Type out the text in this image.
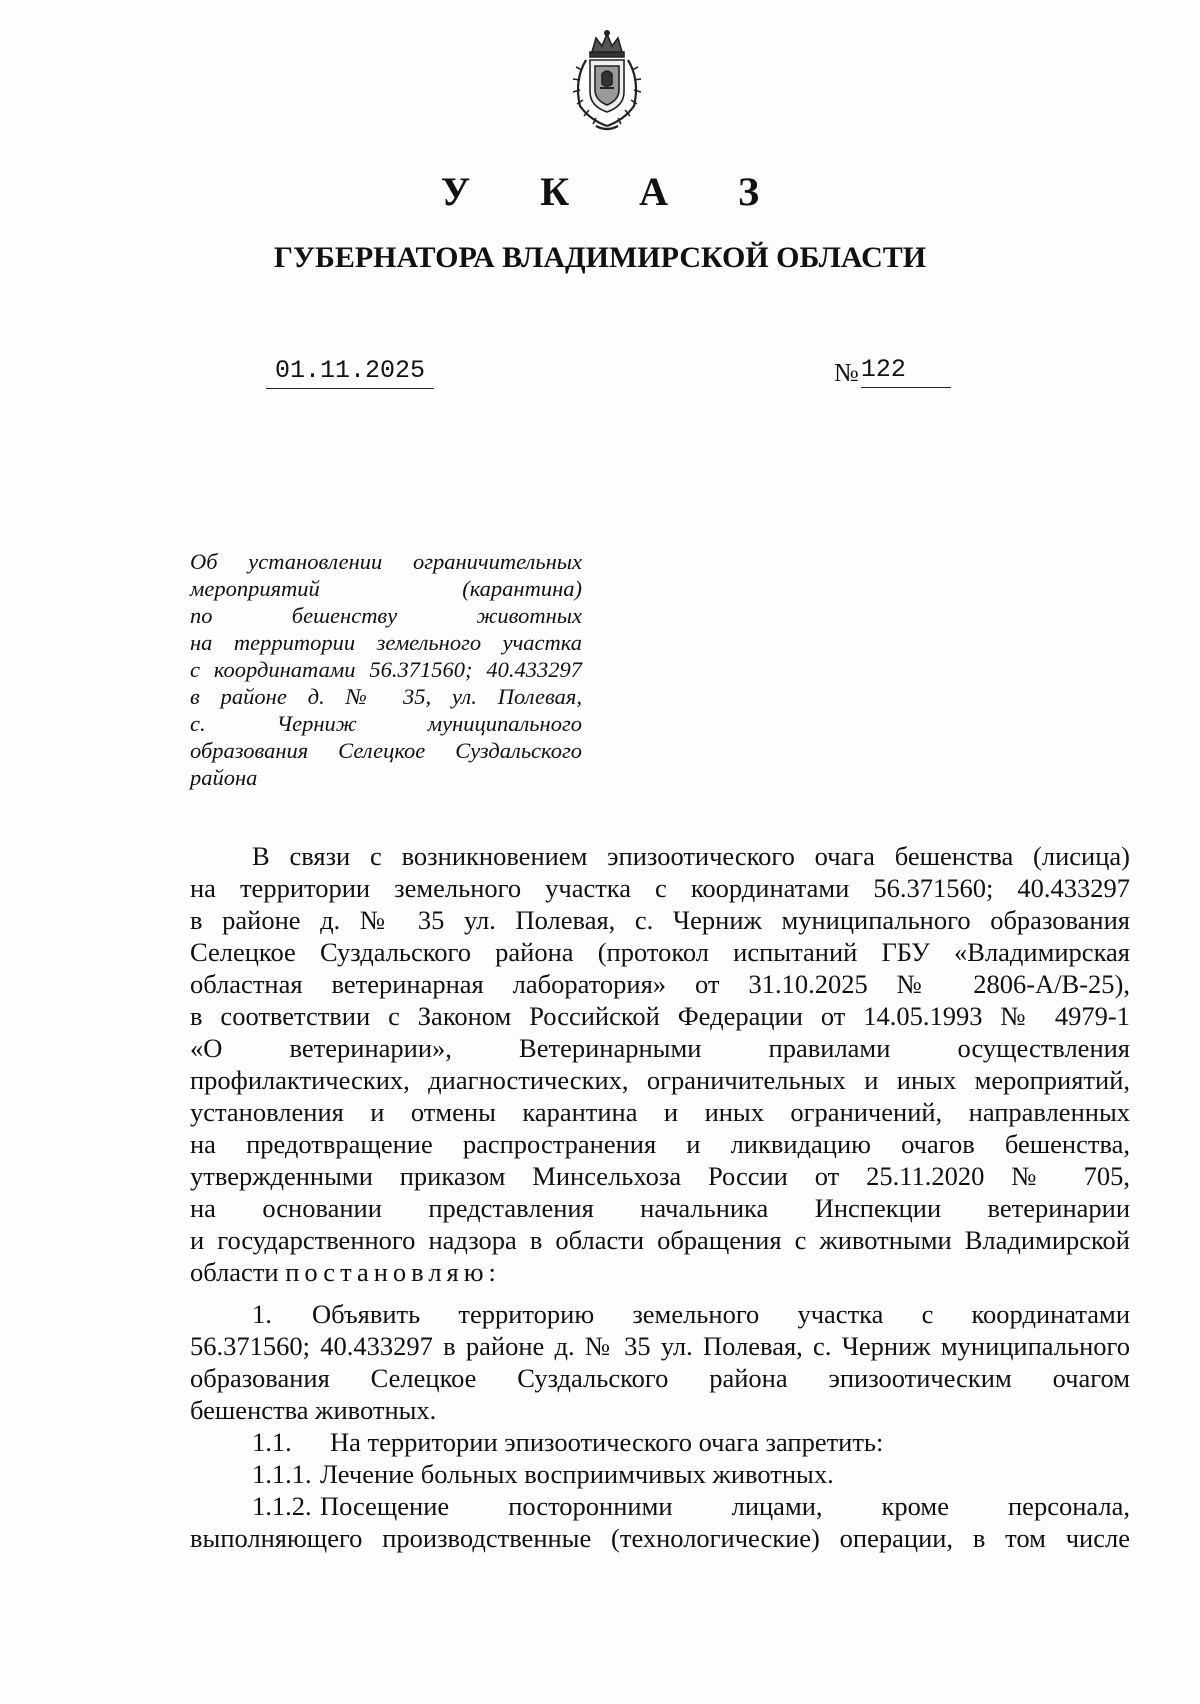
У К А З
ГУБЕРНАТОРА ВЛАДИМИРСКОЙ ОБЛАСТИ
01.11.2025	№ 122
Об установлении ограничительных
мероприятий (карантина)
по бешенству животных
на территории земельного участка
с координатами 56.371560; 40.433297
в районе д. № 35, ул. Полевая,
с. Черниж муниципального
образования Селецкое Суздальского
района
В связи с возникновением эпизоотического очага бешенства (лисица)
на территории земельного участка с координатами 56.371560; 40.433297
в районе д. № 35 ул. Полевая, с. Черниж муниципального образования
Селецкое Суздальского района (протокол испытаний ГБУ «Владимирская
областная ветеринарная лаборатория» от 31.10.2025 № 2806-А/В-25),
в соответствии с Законом Российской Федерации от 14.05.1993 № 4979-1
«О ветеринарии», Ветеринарными правилами осуществления
профилактических, диагностических, ограничительных и иных мероприятий,
установления и отмены карантина и иных ограничений, направленных
на предотвращение распространения и ликвидацию очагов бешенства,
утвержденными приказом Минсельхоза России от 25.11.2020 № 705,
на основании представления начальника Инспекции ветеринарии
и государственного надзора в области обращения с животными Владимирской
области постановляю:
1. Объявить территорию земельного участка с координатами
56.371560; 40.433297 в районе д. № 35 ул. Полевая, с. Черниж муниципального
образования Селецкое Суздальского района эпизоотическим очагом
бешенства животных.
1.1. На территории эпизоотического очага запретить:
1.1.1. Лечение больных восприимчивых животных.
1.1.2. Посещение посторонними лицами, кроме персонала,
выполняющего производственные (технологические) операции, в том числе
